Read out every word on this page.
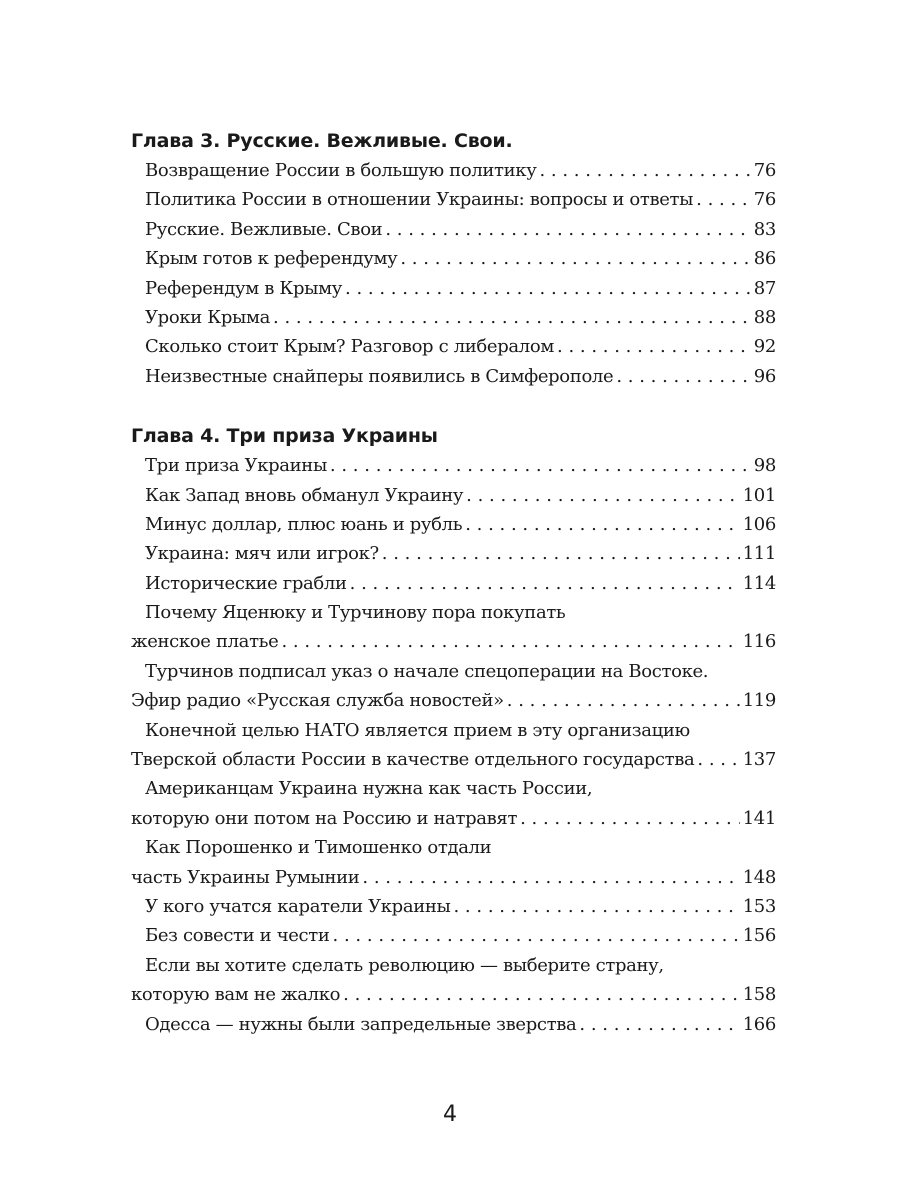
Глава 3. Русские. Вежливые. Свои.
Возвращение России в большую политику . . .	76
Политика России в отношении Украины: вопросы и ответы . . .	76
Русские. Вежливые. Свои . . .	83
Крым готов к референдуму . . .	86
Референдум в Крыму . . .	87
Уроки Крыма . . .	88
Сколько стоит Крым? Разговор с либералом . . .	92
Неизвестные снайперы появились в Симферополе . . .	96
Глава 4. Три приза Украины
Три приза Украины . . .	98
Как Запад вновь обманул Украину . . .	101
Минус доллар, плюс юань и рубль . . .	106
Украина: мяч или игрок? . . .	111
Исторические грабли . . .	114
Почему Яценюку и Турчинову пора покупать
женское платье . . .	116
Турчинов подписал указ о начале спецоперации на Востоке.
Эфир радио «Русская служба новостей» . . .	119
Конечной целью НАТО является прием в эту организацию
Тверской области России в качестве отдельного государства . . .	137
Американцам Украина нужна как часть России,
которую они потом на Россию и натравят . . .	141
Как Порошенко и Тимошенко отдали
часть Украины Румынии . . .	148
У кого учатся каратели Украины . . .	153
Без совести и чести . . .	156
Если вы хотите сделать революцию — выберите страну,
которую вам не жалко . . .	158
Одесса — нужны были запредельные зверства . . .	166
4
